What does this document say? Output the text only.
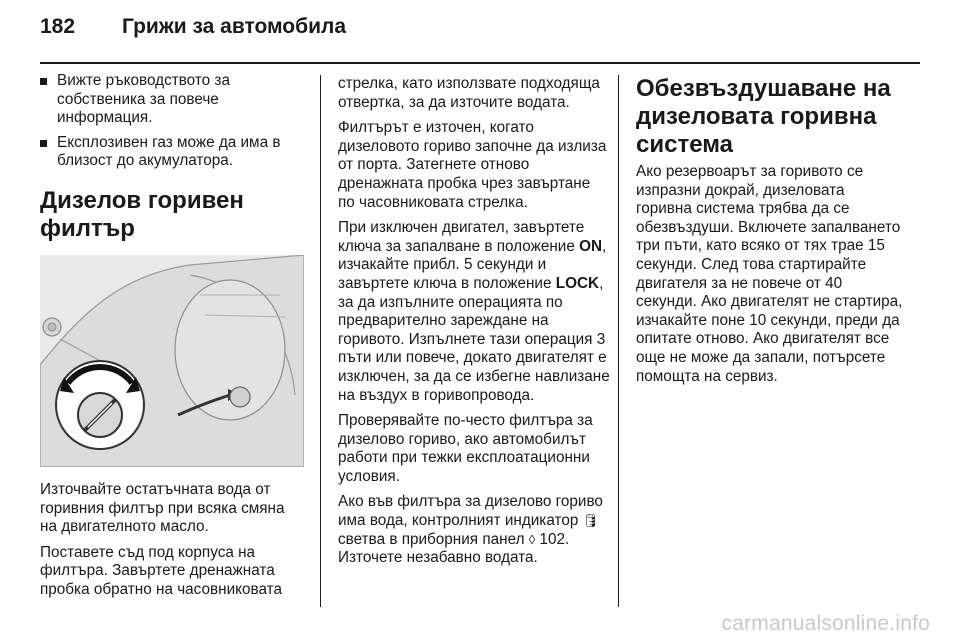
182 Грижи за автомобила
Вижте ръководството за собственика за повече информация.
Експлозивен газ може да има в близост до акумулатора.
Дизелов горивен филтър

Източвайте остатъчната вода от горивния филтър при всяка смяна на двигателното масло.

Поставете съд под корпуса на филтъра. Завъртете дренажната пробка обратно на часовниковата

стрелка, като използвате подходяща отвертка, за да източите водата.

Филтърът е източен, когато дизеловото гориво започне да излиза от порта. Затегнете отново дренажната пробка чрез завъртане по часовниковата стрелка.

При изключен двигател, завъртете ключа за запалване в положение ON, изчакайте прибл. 5 секунди и завъртете ключа в положение LOCK, за да изпълните операцията по предварително зареждане на горивото. Изпълнете тази операция 3 пъти или повече, докато двигателят е изключен, за да се избегне навлизане на въздух в горивопровода.

Проверявайте по-често филтъра за дизелово гориво, ако автомобилът работи при тежки експлоатационни условия.

Ако във филтъра за дизелово гориво има вода, контролният индикатор 🛢 светва в приборния панел ◊ 102. Източете незабавно водата.

Обезвъздушаване на дизеловата горивна система

Ако резервоарът за горивото се изпразни докрай, дизеловата горивна система трябва да се обезвъздуши. Включете запалването три пъти, като всяко от тях трае 15 секунди. След това стартирайте двигателя за не повече от 40 секунди. Ако двигателят не стартира, изчакайте поне 10 секунди, преди да опитате отново. Ако двигателят все още не може да запали, потърсете помощта на сервиз.

carmanualsonline.info
